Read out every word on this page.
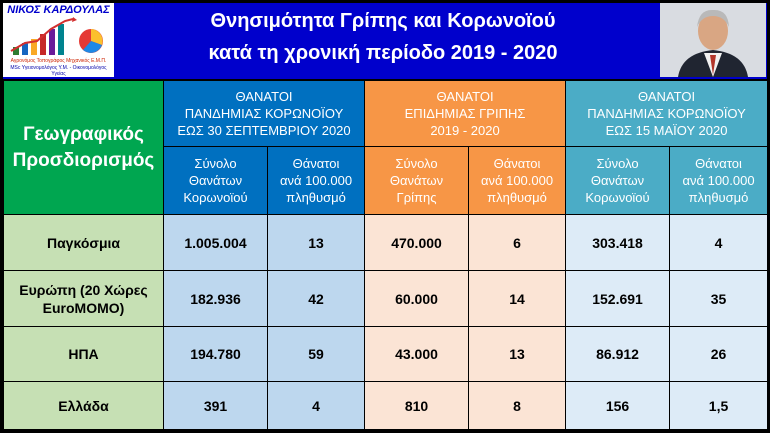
Θνησιμότητα Γρίπης και Κορωνοϊού
κατά τη χρονική περίοδο 2019 - 2020
ΝΙΚΟΣ ΚΑΡΔΟΥΛΑΣ
Αγρονόμος Τοπογράφος Μηχανικός Ε.Μ.Π.
MSc Υγειονομολόγος Υ.Μ. - Οικονομολόγος Υγείας
Γεωγραφικός
Προσδιορισμός	ΘΑΝΑΤΟΙ
ΠΑΝΔΗΜΙΑΣ ΚΟΡΩΝΟΪΟΥ
ΕΩΣ 30 ΣΕΠΤΕΜΒΡΙΟΥ 2020		ΘΑΝΑΤΟΙ
ΕΠΙΔΗΜΙΑΣ ΓΡΙΠΗΣ
2019 - 2020		ΘΑΝΑΤΟΙ
ΠΑΝΔΗΜΙΑΣ ΚΟΡΩΝΟΪΟΥ
ΕΩΣ 15 ΜΑΪΟΥ 2020	

	Σύνολο
Θανάτων
Κορωνοϊού	Θάνατοι
ανά 100.000
πληθυσμό	Σύνολο
Θανάτων
Γρίπης	Θάνατοι
ανά 100.000
πληθυσμό	Σύνολο
Θανάτων
Κορωνοϊού	Θάνατοι
ανά 100.000
πληθυσμό

Παγκόσμια	1.005.004	13	470.000	6	303.418	4

Ευρώπη (20 Χώρες
EuroMOMO)	182.936	42	60.000	14	152.691	35

ΗΠΑ	194.780	59	43.000	13	86.912	26

Ελλάδα	391	4	810	8	156	1,5
